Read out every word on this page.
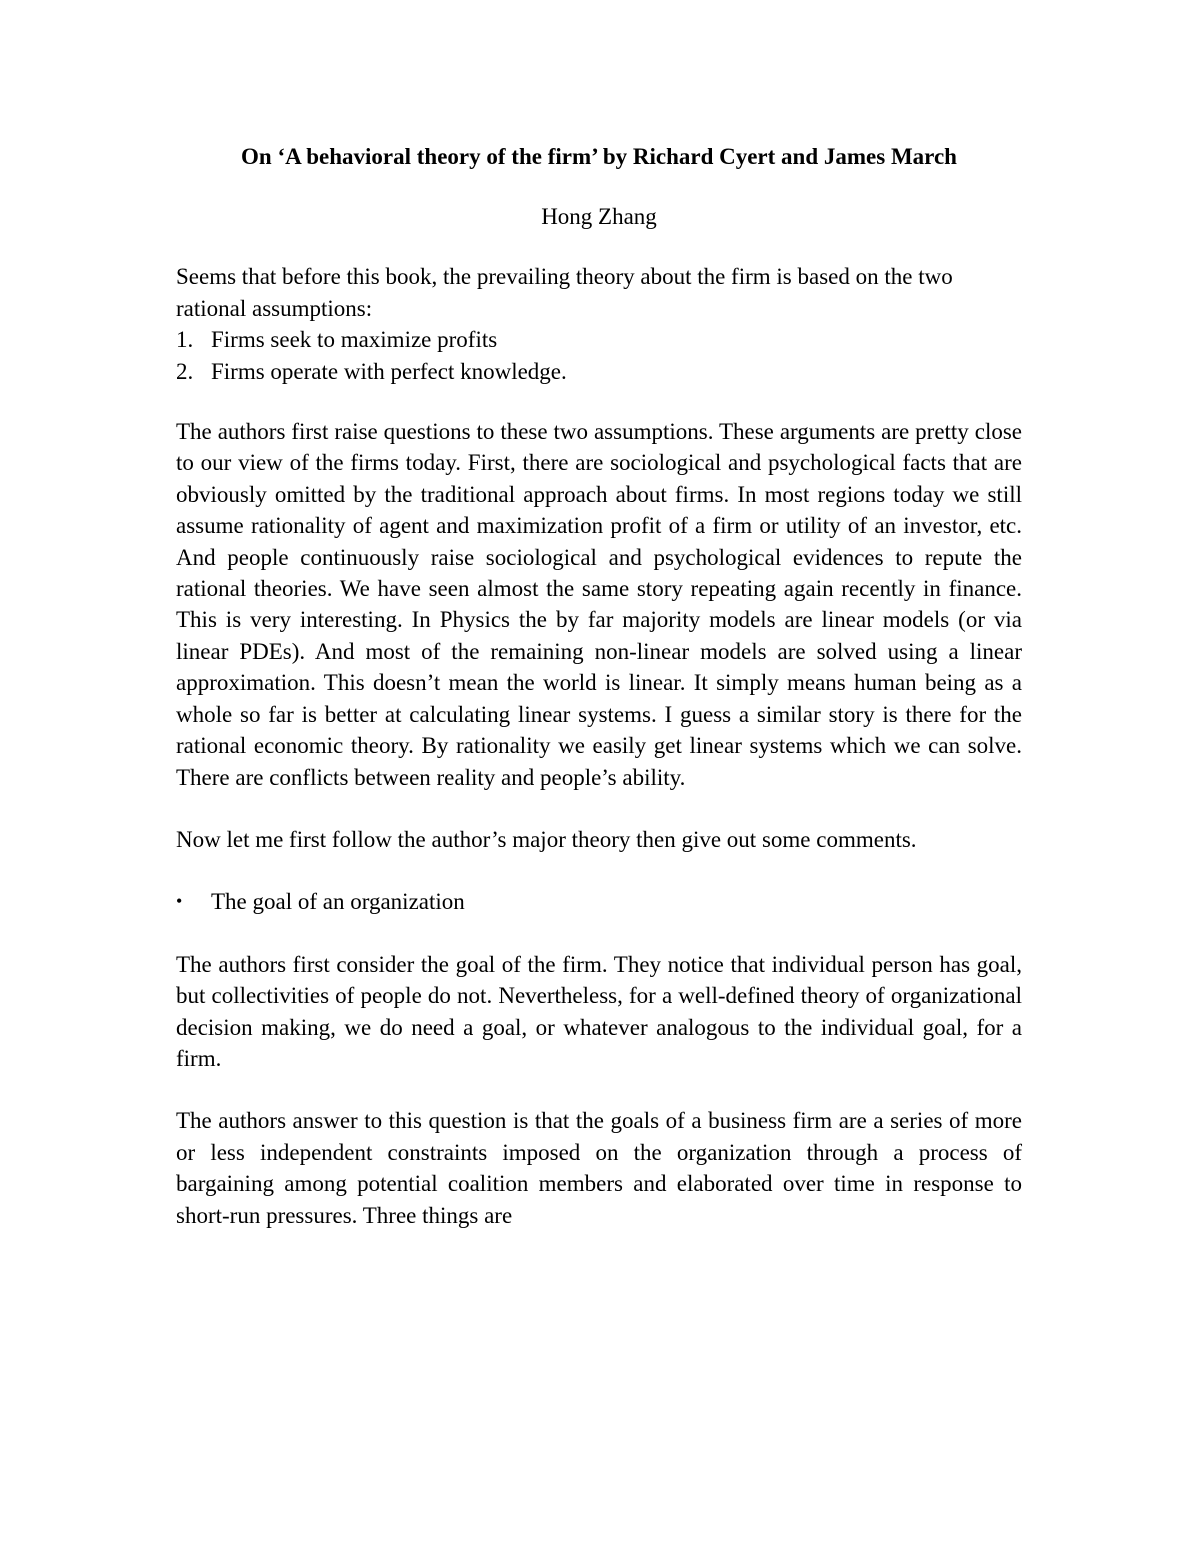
On ‘A behavioral theory of the firm’ by Richard Cyert and James March
Hong Zhang

Seems that before this book, the prevailing theory about the firm is based on the two rational assumptions:

1. Firms seek to maximize profits
2. Firms operate with perfect knowledge.

The authors first raise questions to these two assumptions. These arguments are pretty close to our view of the firms today. First, there are sociological and psychological facts that are obviously omitted by the traditional approach about firms. In most regions today we still assume rationality of agent and maximization profit of a firm or utility of an investor, etc. And people continuously raise sociological and psychological evidences to repute the rational theories. We have seen almost the same story repeating again recently in finance. This is very interesting. In Physics the by far majority models are linear models (or via linear PDEs). And most of the remaining non-linear models are solved using a linear approximation. This doesn’t mean the world is linear. It simply means human being as a whole so far is better at calculating linear systems. I guess a similar story is there for the rational economic theory. By rationality we easily get linear systems which we can solve. There are conflicts between reality and people’s ability.

Now let me first follow the author’s major theory then give out some comments.

• The goal of an organization

The authors first consider the goal of the firm. They notice that individual person has goal, but collectivities of people do not. Nevertheless, for a well-defined theory of organizational decision making, we do need a goal, or whatever analogous to the individual goal, for a firm.

The authors answer to this question is that the goals of a business firm are a series of more or less independent constraints imposed on the organization through a process of bargaining among potential coalition members and elaborated over time in response to short-run pressures. Three things are
